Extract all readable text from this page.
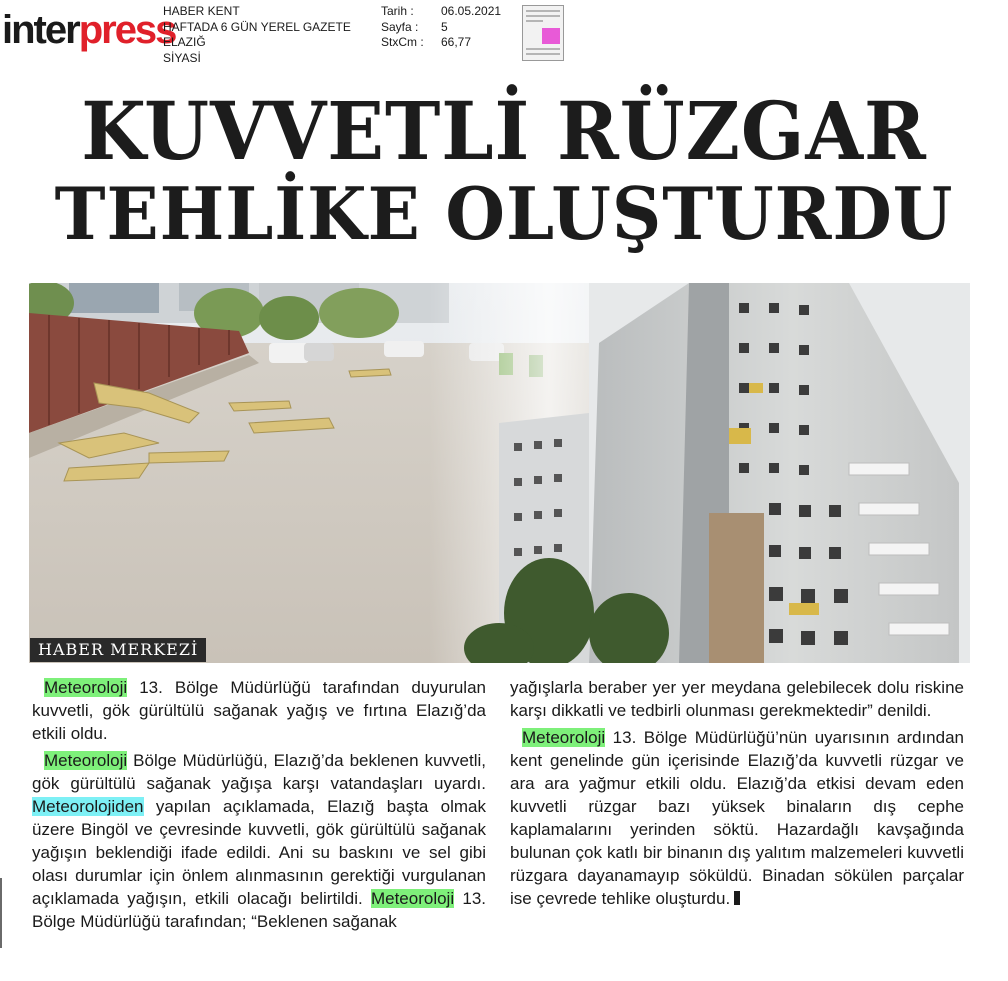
inter press
HABER KENT
HAFTADA 6 GÜN YEREL GAZETE
ELAZIĞ
SİYASİ
Tarih :	06.05.2021
Sayfa :	5
StxCm :	66,77
KUVVETLİ RÜZGAR
TEHLİKE OLUŞTURDU
HABER MERKEZİ

Meteoroloji 13. Bölge Müdürlüğü tarafından duyurulan kuvvetli, gök gürültülü sağanak yağış ve fırtına Elazığ’da etkili oldu.

Meteoroloji Bölge Müdürlüğü, Elazığ’da beklenen kuvvetli, gök gürültülü sağanak yağışa karşı vatandaşları uyardı. Meteorolojiden yapılan açıklamada, Elazığ başta olmak üzere Bingöl ve çevresinde kuvvetli, gök gürültülü sağanak yağışın beklendiği ifade edildi. Ani su baskını ve sel gibi olası durumlar için önlem alınmasının gerektiği vurgulanan açıklamada yağışın, etkili olacağı belirtildi. Meteoroloji 13. Bölge Müdürlüğü tarafından; “Beklenen sağanak

yağışlarla beraber yer yer meydana gelebilecek dolu riskine karşı dikkatli ve tedbirli olunması gerekmektedir” denildi.

Meteoroloji 13. Bölge Müdürlüğü’nün uyarısının ardından kent genelinde gün içerisinde Elazığ’da kuvvetli rüzgar ve ara ara yağmur etkili oldu. Elazığ’da etkisi devam eden kuvvetli rüzgar bazı yüksek binaların dış cephe kaplamalarını yerinden söktü. Hazardağlı kavşağında bulunan çok katlı bir binanın dış yalıtım malzemeleri kuvvetli rüzgara dayanamayıp söküldü. Binadan sökülen parçalar ise çevrede tehlike oluşturdu.
